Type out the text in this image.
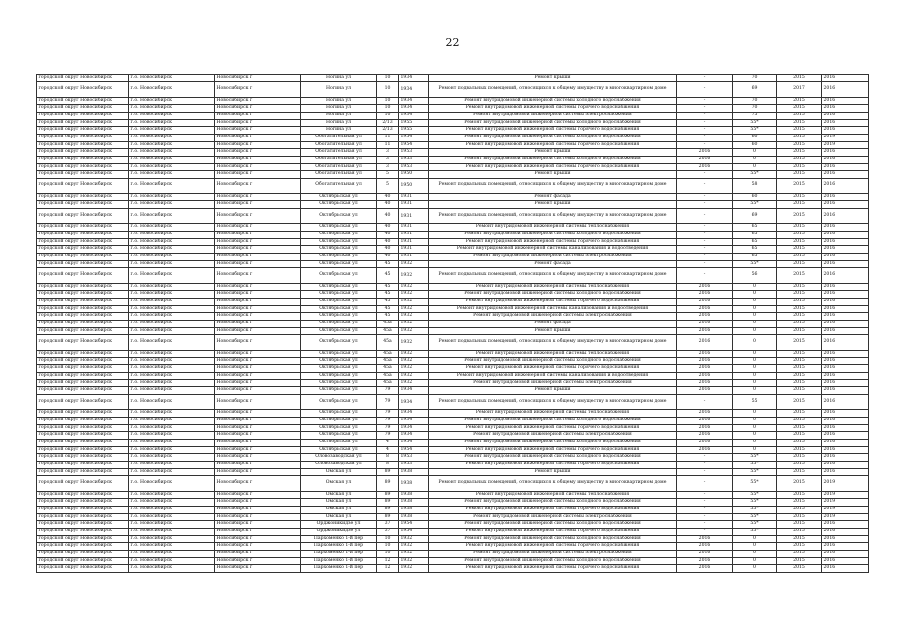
22
городской округ Новосибирск	г.о. Новосибирск	Новосибирск г	Ногина ул	10	1934	Ремонт крыши	-	70	2015	2016
городской округ Новосибирск	г.о. Новосибирск	Новосибирск г	Ногина ул	10	1934	Ремонт подвальных помещений, относящихся к общему имуществу в многоквартирном доме	-	69	2017	2016
городской округ Новосибирск	г.о. Новосибирск	Новосибирск г	Ногина ул	10	1934	Ремонт внутридомовой инженерной системы холодного водоснабжения	-	70	2015	2016
городской округ Новосибирск	г.о. Новосибирск	Новосибирск г	Ногина ул	10	1934	Ремонт внутридомовой инженерной системы горячего водоснабжения	-	70	2015	2016
городской округ Новосибирск	г.о. Новосибирск	Новосибирск г	Ногина ул	10	1934	Ремонт внутридомовой инженерной системы электроснабжения	-	75	2015	2016
городской округ Новосибирск	г.о. Новосибирск	Новосибирск г	Ногина ул	2/13	1955	Ремонт внутридомовой инженерной системы холодного водоснабжения	-	55*	2015	2016
городской округ Новосибирск	г.о. Новосибирск	Новосибирск г	Ногина ул	2/13	1955	Ремонт внутридомовой инженерной системы горячего водоснабжения	-	55*	2015	2016
городской округ Новосибирск	г.о. Новосибирск	Новосибирск г	Обогатительная ул	11	1954	Ремонт внутридомовой инженерной системы холодного водоснабжения	-	60	2015	2019
городской округ Новосибирск	г.о. Новосибирск	Новосибирск г	Обогатительная ул	11	1954	Ремонт внутридомовой инженерной системы горячего водоснабжения	-	60	2015	2019
городской округ Новосибирск	г.о. Новосибирск	Новосибирск г	Обогатительная ул	3	1953	Ремонт крыши	2016	0	2015	2016
городской округ Новосибирск	г.о. Новосибирск	Новосибирск г	Обогатительная ул	3	1953	Ремонт внутридомовой инженерной системы холодного водоснабжения	2016	0	2015	2016
городской округ Новосибирск	г.о. Новосибирск	Новосибирск г	Обогатительная ул	3	1953	Ремонт внутридомовой инженерной системы горячего водоснабжения	2016	0	2015	2016
городской округ Новосибирск	г.о. Новосибирск	Новосибирск г	Обогатительная ул	5	1950	Ремонт крыши	-	55*	2015	2016
городской округ Новосибирск	г.о. Новосибирск	Новосибирск г	Обогатительная ул	5	1950	Ремонт подвальных помещений, относящихся к общему имуществу в многоквартирном доме	-	58	2015	2016
городской округ Новосибирск	г.о. Новосибирск	Новосибирск г	Октябрьская ул	40	1931	Ремонт фасада	-	60	2015	2016
городской округ Новосибирск	г.о. Новосибирск	Новосибирск г	Октябрьская ул	40	1931	Ремонт крыши	-	55*	2015	2016
городской округ Новосибирск	г.о. Новосибирск	Новосибирск г	Октябрьская ул	40	1931	Ремонт подвальных помещений, относящихся к общему имуществу в многоквартирном доме	-	69	2015	2016
городской округ Новосибирск	г.о. Новосибирск	Новосибирск г	Октябрьская ул	40	1931	Ремонт внутридомовой инженерной системы теплоснабжения	-	65	2015	2016
городской округ Новосибирск	г.о. Новосибирск	Новосибирск г	Октябрьская ул	40	1931	Ремонт внутридомовой инженерной системы холодного водоснабжения	-	65	2015	2016
городской округ Новосибирск	г.о. Новосибирск	Новосибирск г	Октябрьская ул	40	1931	Ремонт внутридомовой инженерной системы горячего водоснабжения	-	65	2015	2016
городской округ Новосибирск	г.о. Новосибирск	Новосибирск г	Октябрьская ул	40	1931	Ремонт внутридомовой инженерной системы канализования и водоотведения	-	65	2015	2016
городской округ Новосибирск	г.о. Новосибирск	Новосибирск г	Октябрьская ул	40	1931	Ремонт внутридомовой инженерной системы электроснабжения	-	65	2015	2016
городской округ Новосибирск	г.о. Новосибирск	Новосибирск г	Октябрьская ул	45	1932	Ремонт фасада	-	55*	2015	2016
городской округ Новосибирск	г.о. Новосибирск	Новосибирск г	Октябрьская ул	45	1932	Ремонт подвальных помещений, относящихся к общему имуществу в многоквартирном доме	-	56	2015	2016
городской округ Новосибирск	г.о. Новосибирск	Новосибирск г	Октябрьская ул	45	1932	Ремонт внутридомовой инженерной системы теплоснабжения	2016	0	2015	2016
городской округ Новосибирск	г.о. Новосибирск	Новосибирск г	Октябрьская ул	45	1932	Ремонт внутридомовой инженерной системы холодного водоснабжения	2016	0	2015	2016
городской округ Новосибирск	г.о. Новосибирск	Новосибирск г	Октябрьская ул	45	1932	Ремонт внутридомовой инженерной системы горячего водоснабжения	2016	0	2015	2016
городской округ Новосибирск	г.о. Новосибирск	Новосибирск г	Октябрьская ул	45	1932	Ремонт внутридомовой инженерной системы канализования и водоотведения	2016	0	2015	2016
городской округ Новосибирск	г.о. Новосибирск	Новосибирск г	Октябрьская ул	45	1932	Ремонт внутридомовой инженерной системы электроснабжения	2016	0	2015	2016
городской округ Новосибирск	г.о. Новосибирск	Новосибирск г	Октябрьская ул	45а	1932	Ремонт фасада	2016	0	2015	2016
городской округ Новосибирск	г.о. Новосибирск	Новосибирск г	Октябрьская ул	45а	1932	Ремонт крыши	2016	0	2015	2016
городской округ Новосибирск	г.о. Новосибирск	Новосибирск г	Октябрьская ул	45а	1932	Ремонт подвальных помещений, относящихся к общему имуществу в многоквартирном доме	2016	0	2015	2016
городской округ Новосибирск	г.о. Новосибирск	Новосибирск г	Октябрьская ул	45а	1932	Ремонт внутридомовой инженерной системы теплоснабжения	2016	0	2015	2016
городской округ Новосибирск	г.о. Новосибирск	Новосибирск г	Октябрьская ул	45а	1932	Ремонт внутридомовой инженерной системы холодного водоснабжения	2016	0	2015	2016
городской округ Новосибирск	г.о. Новосибирск	Новосибирск г	Октябрьская ул	45а	1932	Ремонт внутридомовой инженерной системы горячего водоснабжения	2016	0	2015	2016
городской округ Новосибирск	г.о. Новосибирск	Новосибирск г	Октябрьская ул	45а	1932	Ремонт внутридомовой инженерной системы канализования и водоотведения	2016	0	2015	2016
городской округ Новосибирск	г.о. Новосибирск	Новосибирск г	Октябрьская ул	45а	1932	Ремонт внутридомовой инженерной системы электроснабжения	2016	0	2015	2016
городской округ Новосибирск	г.о. Новосибирск	Новосибирск г	Октябрьская ул	79	1934	Ремонт крыши	2016	0	2015	2016
городской округ Новосибирск	г.о. Новосибирск	Новосибирск г	Октябрьская ул	79	1934	Ремонт подвальных помещений, относящихся к общему имуществу в многоквартирном доме	-	55	2015	2016
городской округ Новосибирск	г.о. Новосибирск	Новосибирск г	Октябрьская ул	79	1934	Ремонт внутридомовой инженерной системы теплоснабжения	2016	0	2015	2016
городской округ Новосибирск	г.о. Новосибирск	Новосибирск г	Октябрьская ул	79	1934	Ремонт внутридомовой инженерной системы холодного водоснабжения	2016	0	2015	2016
городской округ Новосибирск	г.о. Новосибирск	Новосибирск г	Октябрьская ул	79	1934	Ремонт внутридомовой инженерной системы горячего водоснабжения	2016	0	2015	2016
городской округ Новосибирск	г.о. Новосибирск	Новосибирск г	Октябрьская ул	79	1934	Ремонт внутридомовой инженерной системы электроснабжения	2016	0	2015	2016
городской округ Новосибирск	г.о. Новосибирск	Новосибирск г	Октябрьская ул	4	1954	Ремонт внутридомовой инженерной системы холодного водоснабжения	2016	0	2015	2016
городской округ Новосибирск	г.о. Новосибирск	Новосибирск г	Октябрьская ул	4	1954	Ремонт внутридомовой инженерной системы горячего водоснабжения	2016	0	2015	2016
городской округ Новосибирск	г.о. Новосибирск	Новосибирск г	Оловозаводская ул	8	1953	Ремонт внутридомовой инженерной системы холодного водоснабжения	-	55*	2015	2016
городской округ Новосибирск	г.о. Новосибирск	Новосибирск г	Оловозаводская ул	8	1953	Ремонт внутридомовой инженерной системы горячего водоснабжения	-	55*	2015	2016
городской округ Новосибирск	г.о. Новосибирск	Новосибирск г	Омская ул	89	1938	Ремонт крыши	-	55*	2015	2016
городской округ Новосибирск	г.о. Новосибирск	Новосибирск г	Омская ул	89	1938	Ремонт подвальных помещений, относящихся к общему имуществу в многоквартирном доме	-	55*	2015	2019
городской округ Новосибирск	г.о. Новосибирск	Новосибирск г	Омская ул	89	1938	Ремонт внутридомовой инженерной системы теплоснабжения	-	55*	2015	2019
городской округ Новосибирск	г.о. Новосибирск	Новосибирск г	Омская ул	89	1938	Ремонт внутридомовой инженерной системы холодного водоснабжения	-	55*	2015	2019
городской округ Новосибирск	г.о. Новосибирск	Новосибирск г	Омская ул	89	1938	Ремонт внутридомовой инженерной системы горячего водоснабжения	-	55*	2015	2019
городской округ Новосибирск	г.о. Новосибирск	Новосибирск г	Омская ул	89	1938	Ремонт внутридомовой инженерной системы электроснабжения	-	55*	2015	2019
городской округ Новосибирск	г.о. Новосибирск	Новосибирск г	Орджоникидзе ул	37	1954	Ремонт внутридомовой инженерной системы холодного водоснабжения	-	55*	2015	2016
городской округ Новосибирск	г.о. Новосибирск	Новосибирск г	Орджоникидзе ул	37	1954	Ремонт внутридомовой инженерной системы горячего водоснабжения	-	55*	2015	2016
городской округ Новосибирск	г.о. Новосибирск	Новосибирск г	Пархоменко 1-й пер	10	1932	Ремонт внутридомовой инженерной системы холодного водоснабжения	2016	0	2015	2016
городской округ Новосибирск	г.о. Новосибирск	Новосибирск г	Пархоменко 1-й пер	10	1932	Ремонт внутридомовой инженерной системы горячего водоснабжения	2016	0	2015	2016
городской округ Новосибирск	г.о. Новосибирск	Новосибирск г	Пархоменко 1-й пер	10	1932	Ремонт внутридомовой инженерной системы электроснабжения	2016	0	2015	2016
городской округ Новосибирск	г.о. Новосибирск	Новосибирск г	Пархоменко 1-й пер	12	1932	Ремонт внутридомовой инженерной системы холодного водоснабжения	2016	0	2015	2016
городской округ Новосибирск	г.о. Новосибирск	Новосибирск г	Пархоменко 1-й пер	12	1932	Ремонт внутридомовой инженерной системы горячего водоснабжения	2016	0	2015	2016
